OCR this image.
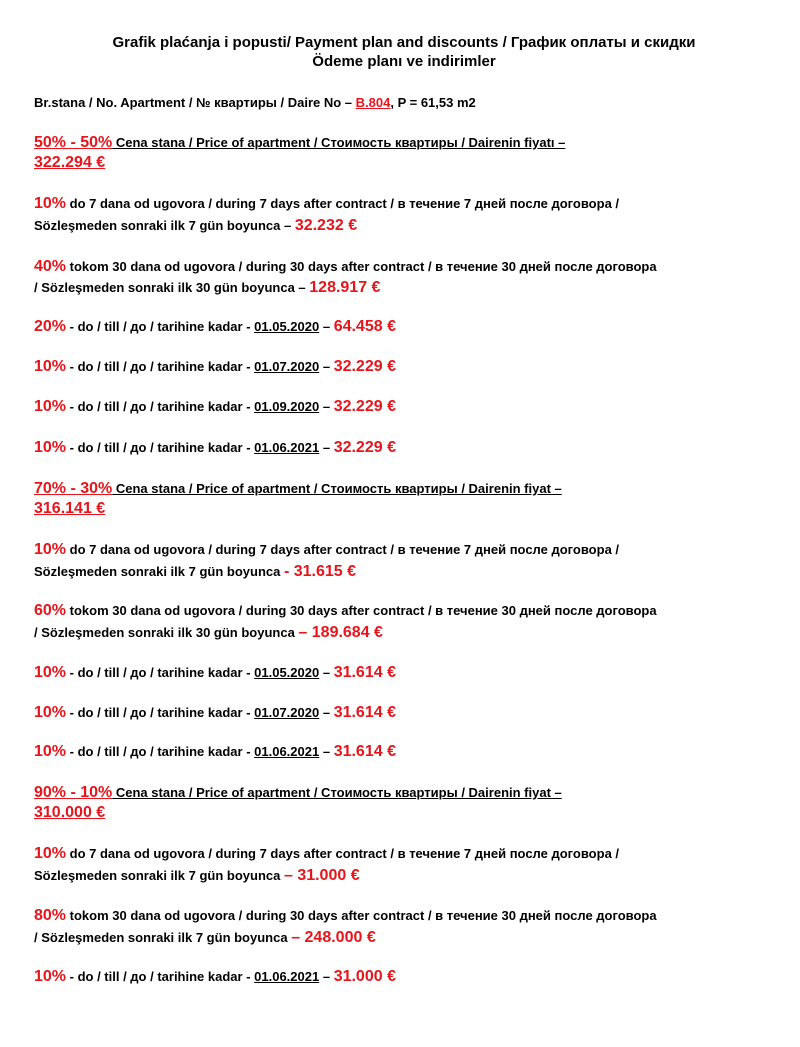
Grafik plaćanja i popusti/ Payment plan and discounts / График оплаты и скидки
Ödeme planı ve indirimler
Br.stana / No. Apartment / № квартиры / Daire No – B.804, P = 61,53 m2
50% - 50% Cena stana / Price of apartment / Стоимость квартиры / Dairenin fiyatı –
322.294 €
10% do 7 dana od ugovora / during 7 days after contract / в течение 7 дней после договора /
Sözleşmeden sonraki ilk 7 gün boyunca – 32.232 €
40% tokom 30 dana od ugovora / during 30 days after contract / в течение 30 дней после договора
/ Sözleşmeden sonraki ilk 30 gün boyunca – 128.917 €
20% - do / till / до / tarihine kadar - 01.05.2020 – 64.458 €
10% - do / till / до / tarihine kadar - 01.07.2020 – 32.229 €
10% - do / till / до / tarihine kadar - 01.09.2020 – 32.229 €
10% - do / till / до / tarihine kadar - 01.06.2021 – 32.229 €
70% - 30% Cena stana / Price of apartment / Стоимость квартиры / Dairenin fiyat –
316.141 €
10% do 7 dana od ugovora / during 7 days after contract / в течение 7 дней после договора /
Sözleşmeden sonraki ilk 7 gün boyunca - 31.615 €
60% tokom 30 dana od ugovora / during 30 days after contract / в течение 30 дней после договора
/ Sözleşmeden sonraki ilk 30 gün boyunca – 189.684 €
10% - do / till / до / tarihine kadar - 01.05.2020 – 31.614 €
10% - do / till / до / tarihine kadar - 01.07.2020 – 31.614 €
10% - do / till / до / tarihine kadar - 01.06.2021 – 31.614 €
90% - 10% Cena stana / Price of apartment / Стоимость квартиры / Dairenin fiyat –
310.000 €
10% do 7 dana od ugovora / during 7 days after contract / в течение 7 дней после договора /
Sözleşmeden sonraki ilk 7 gün boyunca – 31.000 €
80% tokom 30 dana od ugovora / during 30 days after contract / в течение 30 дней после договора
/ Sözleşmeden sonraki ilk 7 gün boyunca – 248.000 €
10% - do / till / до / tarihine kadar - 01.06.2021 – 31.000 €
